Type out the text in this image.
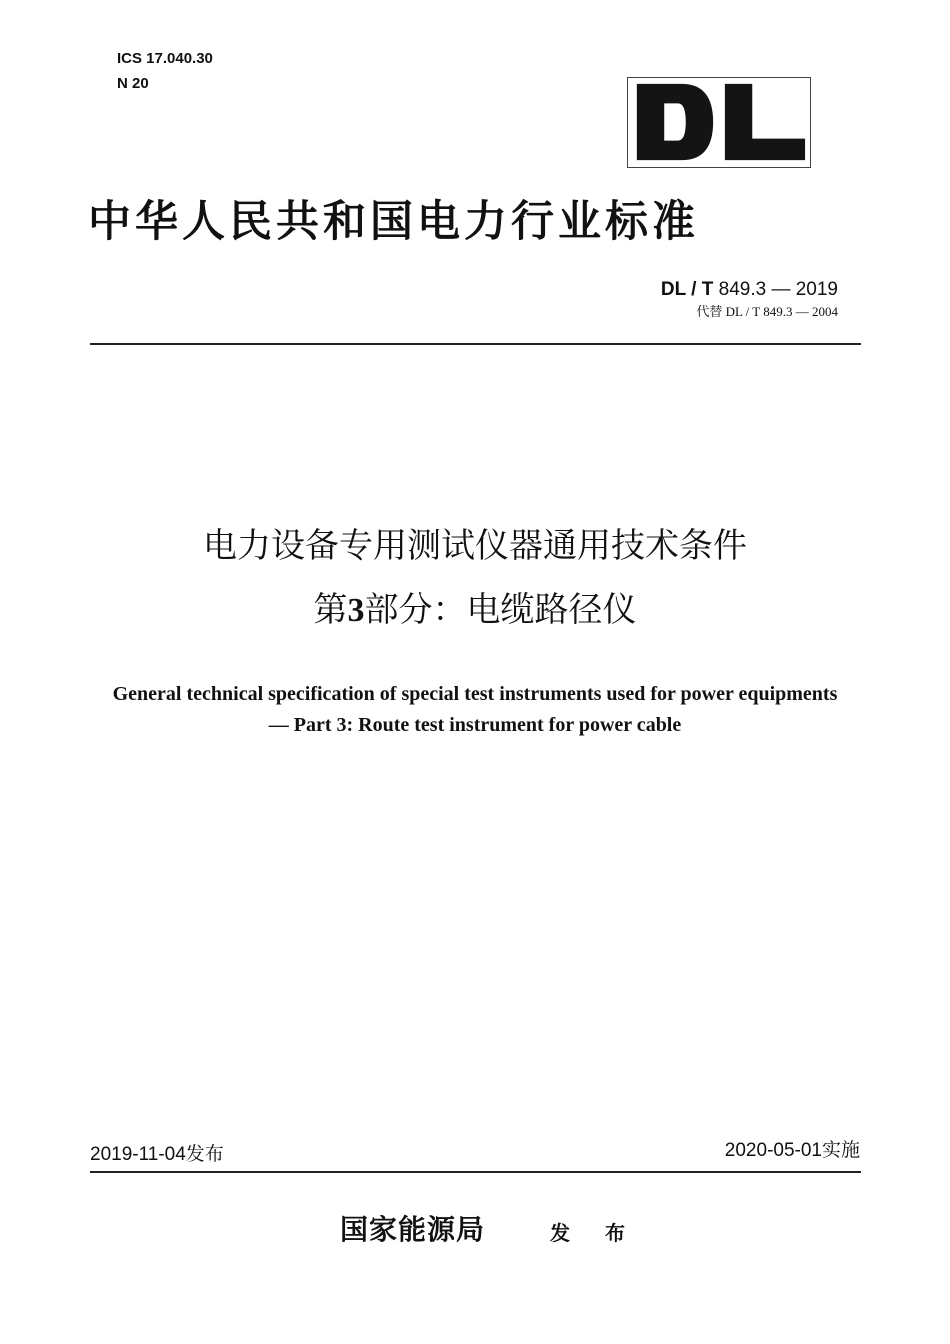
ICS 17.040.30
N 20
中华人民共和国电力行业标准
DL / T 849.3 — 2019
代替 DL / T 849.3 — 2004
电力设备专用测试仪器通用技术条件
第3部分：电缆路径仪
General technical specification of special test instruments used for power equipments
— Part 3: Route test instrument for power cable
2019-11-04发布	2020-05-01实施
国家能源局	发 布
